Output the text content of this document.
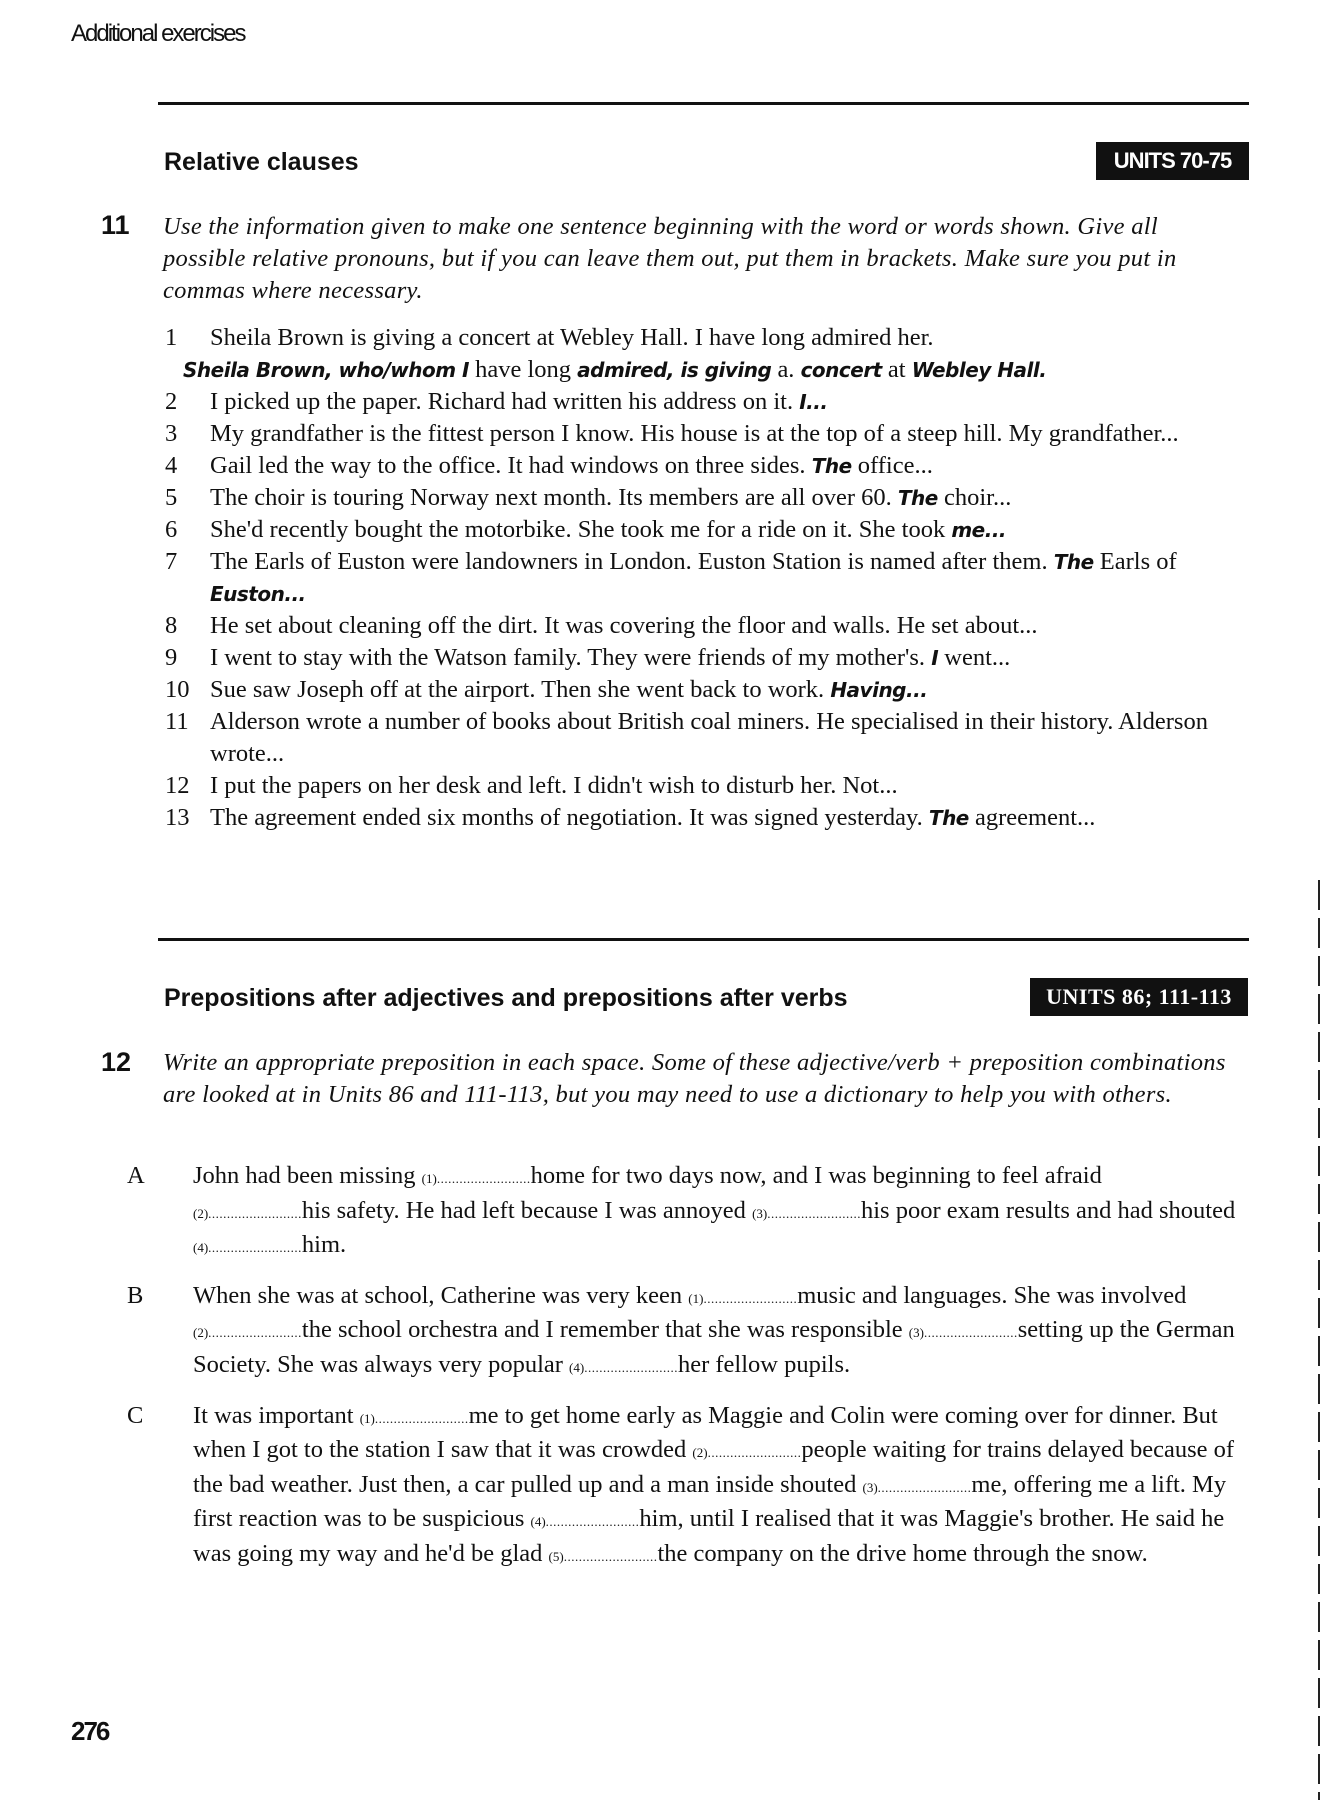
Additional exercises
Relative clauses	UNITS 70-75
11 Use the information given to make one sentence beginning with the word or words shown. Give all possible relative pronouns, but if you can leave them out, put them in brackets. Make sure you put in commas where necessary.
1	Sheila Brown is giving a concert at Webley Hall. I have long admired her.
Sheila Brown, who/whom I have long admired, is giving a. concert at Webley Hall.
2	I picked up the paper. Richard had written his address on it. I...
3	My grandfather is the fittest person I know. His house is at the top of a steep hill. My grandfather...
4	Gail led the way to the office. It had windows on three sides. The office...
5	The choir is touring Norway next month. Its members are all over 60. The choir...
6	She'd recently bought the motorbike. She took me for a ride on it. She took me...
7	The Earls of Euston were landowners in London. Euston Station is named after them. The Earls of Euston...
8	He set about cleaning off the dirt. It was covering the floor and walls. He set about...
9	I went to stay with the Watson family. They were friends of my mother's. I went...
10 Sue saw Joseph off at the airport. Then she went back to work. Having...
11 Alderson wrote a number of books about British coal miners. He specialised in their history. Alderson wrote...
12 I put the papers on her desk and left. I didn't wish to disturb her. Not...
13 The agreement ended six months of negotiation. It was signed yesterday. The agreement...
Prepositions after adjectives and prepositions after verbs	UNITS 86; 111-113
12 Write an appropriate preposition in each space. Some of these adjective/verb + preposition combinations are looked at in Units 86 and 111-113, but you may need to use a dictionary to help you with others.
A John had been missing (1).........................home for two days now, and I was beginning to feel afraid (2).........................his safety. He had left because I was annoyed (3).........................his poor exam results and had shouted (4).........................him.
B When she was at school, Catherine was very keen (1).........................music and languages. She was involved (2).........................the school orchestra and I remember that she was responsible (3).........................setting up the German Society. She was always very popular (4).........................her fellow pupils.
C It was important (1).........................me to get home early as Maggie and Colin were coming over for dinner. But when I got to the station I saw that it was crowded (2).........................people waiting for trains delayed because of the bad weather. Just then, a car pulled up and a man inside shouted (3).........................me, offering me a lift. My first reaction was to be suspicious (4).........................him, until I realised that it was Maggie's brother. He said he was going my way and he'd be glad (5).........................the company on the drive home through the snow.
276
